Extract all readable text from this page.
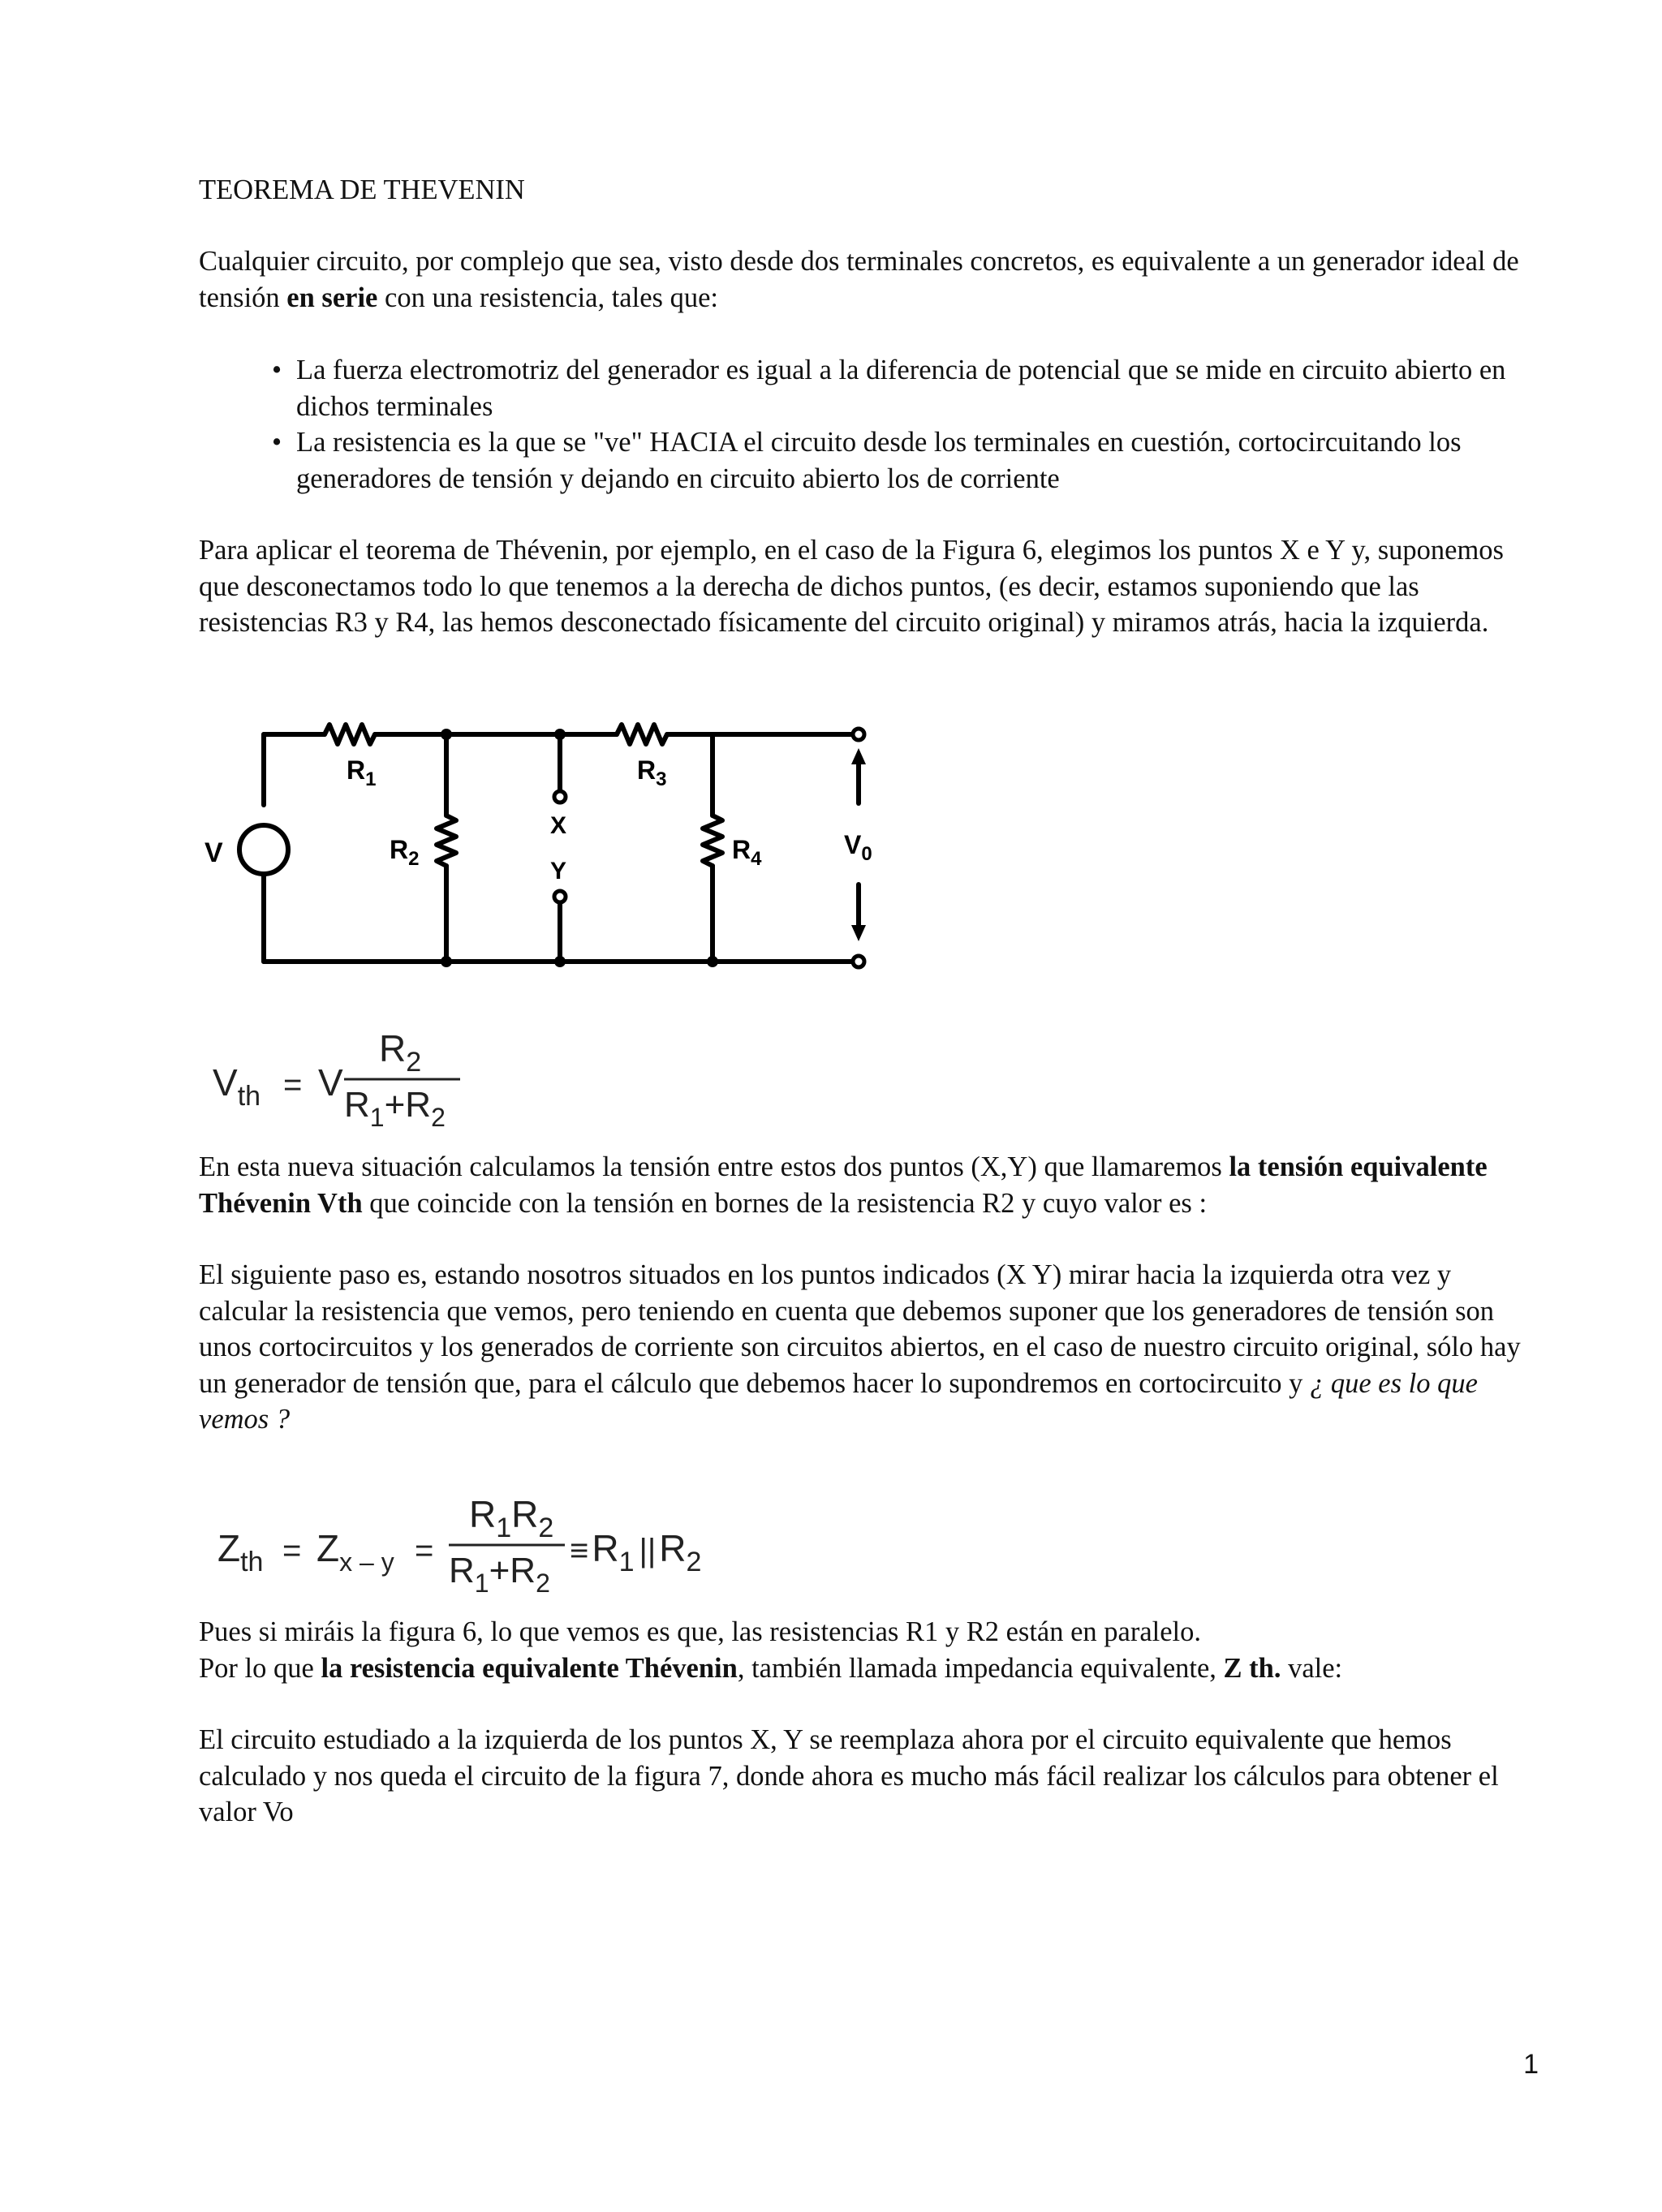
TEOREMA DE THEVENIN
Cualquier circuito, por complejo que sea, visto desde dos terminales concretos, es equivalente a un generador ideal de tensión en serie con una resistencia, tales que:
• La fuerza electromotriz del generador es igual a la diferencia de potencial que se mide en circuito abierto en dichos terminales
• La resistencia es la que se "ve" HACIA el circuito desde los terminales en cuestión, cortocircuitando los generadores de tensión y dejando en circuito abierto los de corriente
Para aplicar el teorema de Thévenin, por ejemplo, en el caso de la Figura 6, elegimos los puntos X e Y y, suponemos que desconectamos todo lo que tenemos a la derecha de dichos puntos, (es decir, estamos suponiendo que las resistencias R3 y R4, las hemos desconectado físicamente del circuito original) y miramos atrás, hacia la izquierda.
V
$R_1$
$R_2$
$R_3$
$R_4$
X
Y
$V_0$
$V_{th} = V$
$R_2$
$R_1+R_2$
En esta nueva situación calculamos la tensión entre estos dos puntos (X,Y) que llamaremos la tensión equivalente Thévenin Vth que coincide con la tensión en bornes de la resistencia R2 y cuyo valor es :
El siguiente paso es, estando nosotros situados en los puntos indicados (X Y) mirar hacia la izquierda otra vez y calcular la resistencia que vemos, pero teniendo en cuenta que debemos suponer que los generadores de tensión son unos cortocircuitos y los generados de corriente son circuitos abiertos, en el caso de nuestro circuito original, sólo hay un generador de tensión que, para el cálculo que debemos hacer lo supondremos en cortocircuito y ¿ que es lo que vemos ?
$Z_{th} = Z_{x - y}$ =
$R_1R_2$
$R_1+R_2$
$\equiv R_1$ $||R_2$
Pues si miráis la figura 6, lo que vemos es que, las resistencias R1 y R2 están en paralelo.
Por lo que la resistencia equivalente Thévenin, también llamada impedancia equivalente, Z th. vale:
El circuito estudiado a la izquierda de los puntos X, Y se reemplaza ahora por el circuito equivalente que hemos calculado y nos queda el circuito de la figura 7, donde ahora es mucho más fácil realizar los cálculos para obtener el valor Vo
1
